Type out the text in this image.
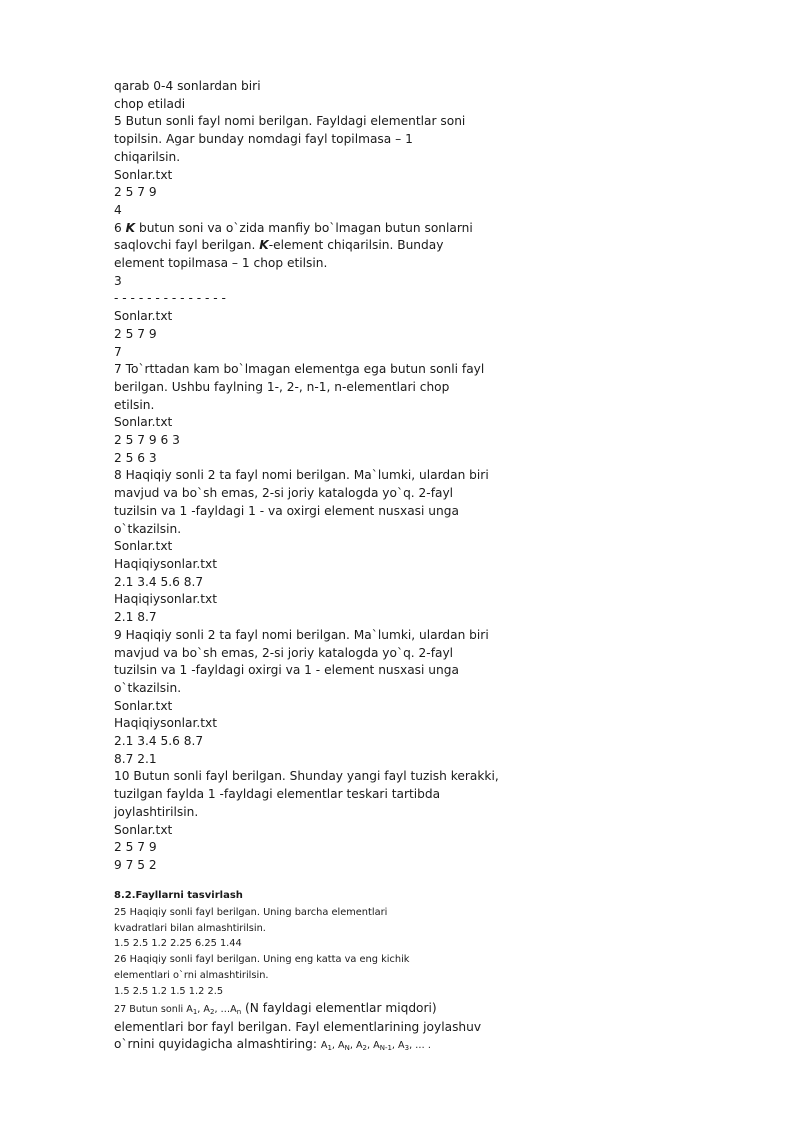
qarab 0-4 sonlardan biri
chop etiladi
5 Butun sonli fayl nomi berilgan. Fayldagi elementlar soni
topilsin. Agar bunday nomdagi fayl topilmasa – 1
chiqarilsin.
Sonlar.txt
2 5 7 9
4
6 K butun soni va o`zida manfiy bo`lmagan butun sonlarni
saqlovchi fayl berilgan. K-element chiqarilsin. Bunday
element topilmasa – 1 chop etilsin.
3
- - - - - - - - - - - - - -
Sonlar.txt
2 5 7 9
7
7 To`rttadan kam bo`lmagan elementga ega butun sonli fayl
berilgan. Ushbu faylning 1-, 2-, n-1, n-elementlari chop
etilsin.
Sonlar.txt
2 5 7 9 6 3
2 5 6 3
8 Haqiqiy sonli 2 ta fayl nomi berilgan. Ma`lumki, ulardan biri
mavjud va bo`sh emas, 2-si joriy katalogda yo`q. 2-fayl
tuzilsin va 1 -fayldagi 1 - va oxirgi element nusxasi unga
o`tkazilsin.
Sonlar.txt
Haqiqiysonlar.txt
2.1 3.4 5.6 8.7
Haqiqiysonlar.txt
2.1 8.7
9 Haqiqiy sonli 2 ta fayl nomi berilgan. Ma`lumki, ulardan biri
mavjud va bo`sh emas, 2-si joriy katalogda yo`q. 2-fayl
tuzilsin va 1 -fayldagi oxirgi va 1 - element nusxasi unga
o`tkazilsin.
Sonlar.txt
Haqiqiysonlar.txt
2.1 3.4 5.6 8.7
8.7 2.1
10 Butun sonli fayl berilgan. Shunday yangi fayl tuzish kerakki,
tuzilgan faylda 1 -fayldagi elementlar teskari tartibda
joylashtirilsin.
Sonlar.txt
2 5 7 9
9 7 5 2
8.2.Fayllarni tasvirlash
25 Haqiqiy sonli fayl berilgan. Uning barcha elementlari
kvadratlari bilan almashtirilsin.
1.5 2.5 1.2 2.25 6.25 1.44
26 Haqiqiy sonli fayl berilgan. Uning eng katta va eng kichik
elementlari o`rni almashtirilsin.
1.5 2.5 1.2 1.5 1.2 2.5
27 Butun sonli $A_1$, $A_2$, $\dots A_n$ (N fayldagi elementlar miqdori)
elementlari bor fayl berilgan. Fayl elementlarining joylashuv
o`rnini quyidagicha almashtiring: $A_1$, $A_N$, $A_2$, $A_{N-1}$, $A_3$, … .
